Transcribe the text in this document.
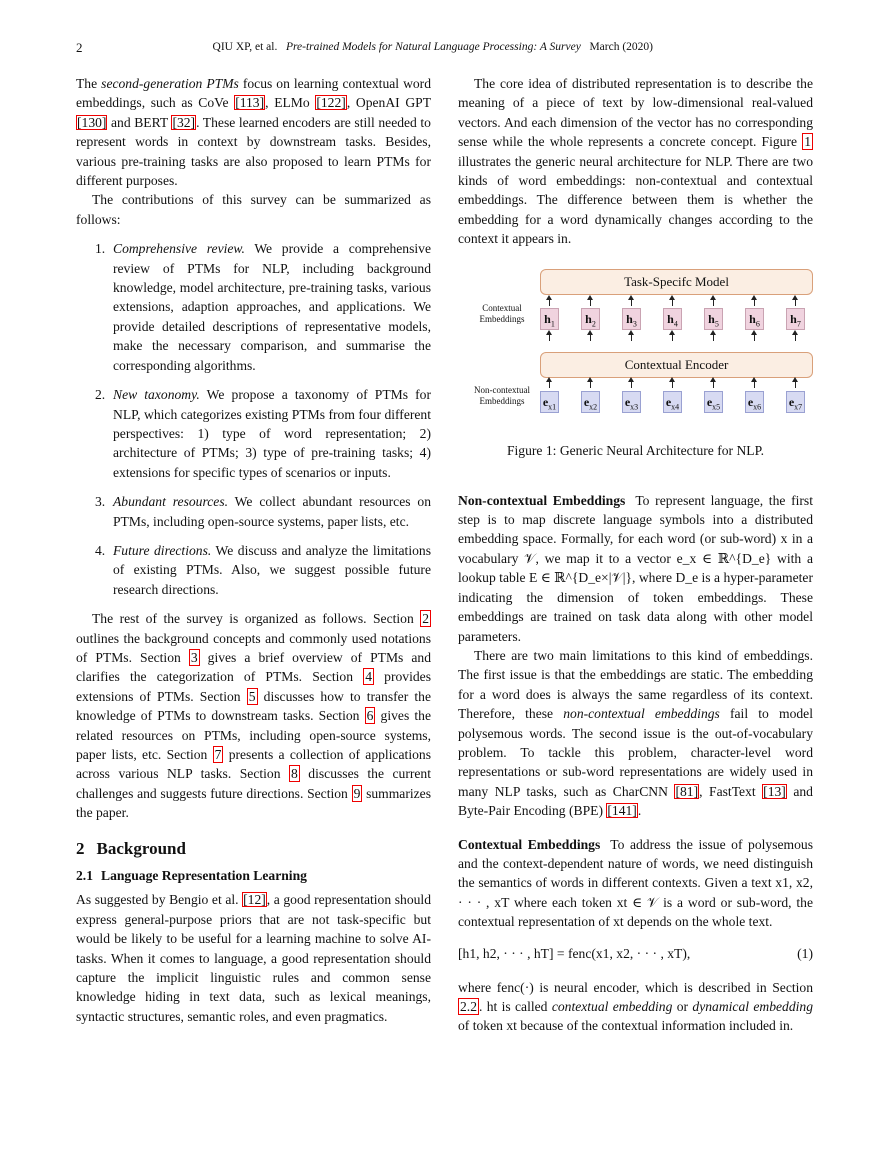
2	QIU XP, et al. Pre-trained Models for Natural Language Processing: A Survey March (2020)

The second-generation PTMs focus on learning contextual word embeddings, such as CoVe [113], ELMo [122], OpenAI GPT [130] and BERT [32]. These learned encoders are still needed to represent words in context by downstream tasks. Besides, various pre-training tasks are also proposed to learn PTMs for different purposes.

The contributions of this survey can be summarized as follows:

1. Comprehensive review. We provide a comprehensive review of PTMs for NLP, including background knowledge, model architecture, pre-training tasks, various extensions, adaption approaches, and applications. We provide detailed descriptions of representative models, make the necessary comparison, and summarise the corresponding algorithms.
2. New taxonomy. We propose a taxonomy of PTMs for NLP, which categorizes existing PTMs from four different perspectives: 1) type of word representation; 2) architecture of PTMs; 3) type of pre-training tasks; 4) extensions for specific types of scenarios or inputs.
3. Abundant resources. We collect abundant resources on PTMs, including open-source systems, paper lists, etc.
4. Future directions. We discuss and analyze the limitations of existing PTMs. Also, we suggest possible future research directions.

The rest of the survey is organized as follows. Section 2 outlines the background concepts and commonly used notations of PTMs. Section 3 gives a brief overview of PTMs and clarifies the categorization of PTMs. Section 4 provides extensions of PTMs. Section 5 discusses how to transfer the knowledge of PTMs to downstream tasks. Section 6 gives the related resources on PTMs, including open-source systems, paper lists, etc. Section 7 presents a collection of applications across various NLP tasks. Section 8 discusses the current challenges and suggests future directions. Section 9 summarizes the paper.

2 Background
2.1 Language Representation Learning

As suggested by Bengio et al. [12], a good representation should express general-purpose priors that are not task-specific but would be likely to be useful for a learning machine to solve AI-tasks. When it comes to language, a good representation should capture the implicit linguistic rules and common sense knowledge hiding in text data, such as lexical meanings, syntactic structures, semantic roles, and even pragmatics.

The core idea of distributed representation is to describe the meaning of a piece of text by low-dimensional real-valued vectors. And each dimension of the vector has no corresponding sense while the whole represents a concrete concept. Figure 1 illustrates the generic neural architecture for NLP. There are two kinds of word embeddings: non-contextual and contextual embeddings. The difference between them is whether the embedding for a word dynamically changes according to the context it appears in.

Task-Specifc Model
Contextual Embeddings
Contextual Encoder
Non-contextual Embeddings
Figure 1: Generic Neural Architecture for NLP.
$h_1$	$h_2$	$h_3$	$h_4$	$h_5$	$h_6$	$h_7$
$e_{x1}$ $e_{x2}$ $e_{x3}$ $e_{x4}$ $e_{x5}$ $e_{x6}$ $e_{x7}$

Non-contextual Embeddings To represent language, the first step is to map discrete language symbols into a distributed embedding space. Formally, for each word (or sub-word) x in a vocabulary 𝒱, we map it to a vector e_x ∈ ℝ^{D_e} with a lookup table E ∈ ℝ^{D_e×|𝒱|}, where D_e is a hyper-parameter indicating the dimension of token embeddings. These embeddings are trained on task data along with other model parameters.

There are two main limitations to this kind of embeddings. The first issue is that the embeddings are static. The embedding for a word does is always the same regardless of its context. Therefore, these non-contextual embeddings fail to model polysemous words. The second issue is the out-of-vocabulary problem. To tackle this problem, character-level word representations or sub-word representations are widely used in many NLP tasks, such as CharCNN [81], FastText [13] and Byte-Pair Encoding (BPE) [141].

Contextual Embeddings To address the issue of polysemous and the context-dependent nature of words, we need distinguish the semantics of words in different contexts. Given a text x1, x2, · · · , xT where each token xt ∈ 𝒱 is a word or sub-word, the contextual representation of xt depends on the whole text.

[h1, h2, · · · , hT] = fenc(x1, x2, · · · , xT),	(1)

where fenc(·) is neural encoder, which is described in Section 2.2 . ht is called contextual embedding or dynamical embedding of token xt because of the contextual information included in.
